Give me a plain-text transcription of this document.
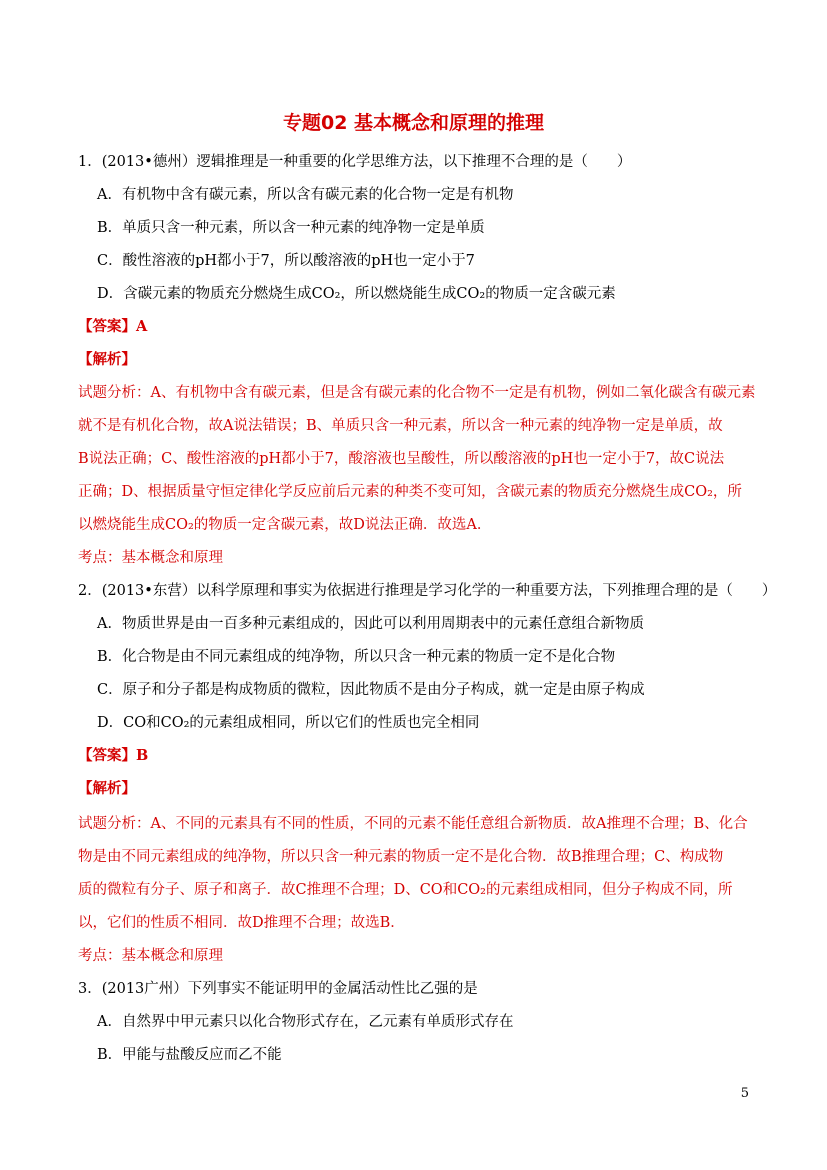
专题02 基本概念和原理的推理
1．(2013•德州）逻辑推理是一种重要的化学思维方法，以下推理不合理的是（　　）
A．有机物中含有碳元素，所以含有碳元素的化合物一定是有机物
B．单质只含一种元素，所以含一种元素的纯净物一定是单质
C．酸性溶液的pH都小于7，所以酸溶液的pH也一定小于7
D．含碳元素的物质充分燃烧生成CO₂，所以燃烧能生成CO₂的物质一定含碳元素
【答案】A
【解析】
试题分析：A、有机物中含有碳元素，但是含有碳元素的化合物不一定是有机物，例如二氧化碳含有碳元素
就不是有机化合物，故A说法错误；B、单质只含一种元素，所以含一种元素的纯净物一定是单质，故
B说法正确；C、酸性溶液的pH都小于7，酸溶液也呈酸性，所以酸溶液的pH也一定小于7，故C说法
正确；D、根据质量守恒定律化学反应前后元素的种类不变可知，含碳元素的物质充分燃烧生成CO₂，所
以燃烧能生成CO₂的物质一定含碳元素，故D说法正确．故选A．
考点：基本概念和原理
2．(2013•东营）以科学原理和事实为依据进行推理是学习化学的一种重要方法，下列推理合理的是（　　）
A．物质世界是由一百多种元素组成的，因此可以利用周期表中的元素任意组合新物质
B．化合物是由不同元素组成的纯净物，所以只含一种元素的物质一定不是化合物
C．原子和分子都是构成物质的微粒，因此物质不是由分子构成，就一定是由原子构成
D．CO和CO₂的元素组成相同，所以它们的性质也完全相同
【答案】B
【解析】
试题分析：A、不同的元素具有不同的性质，不同的元素不能任意组合新物质．故A推理不合理；B、化合
物是由不同元素组成的纯净物，所以只含一种元素的物质一定不是化合物．故B推理合理；C、构成物
质的微粒有分子、原子和离子．故C推理不合理；D、CO和CO₂的元素组成相同，但分子构成不同，所
以，它们的性质不相同．故D推理不合理；故选B．
考点：基本概念和原理
3．(2013广州）下列事实不能证明甲的金属活动性比乙强的是
A．自然界中甲元素只以化合物形式存在，乙元素有单质形式存在
B．甲能与盐酸反应而乙不能
5
